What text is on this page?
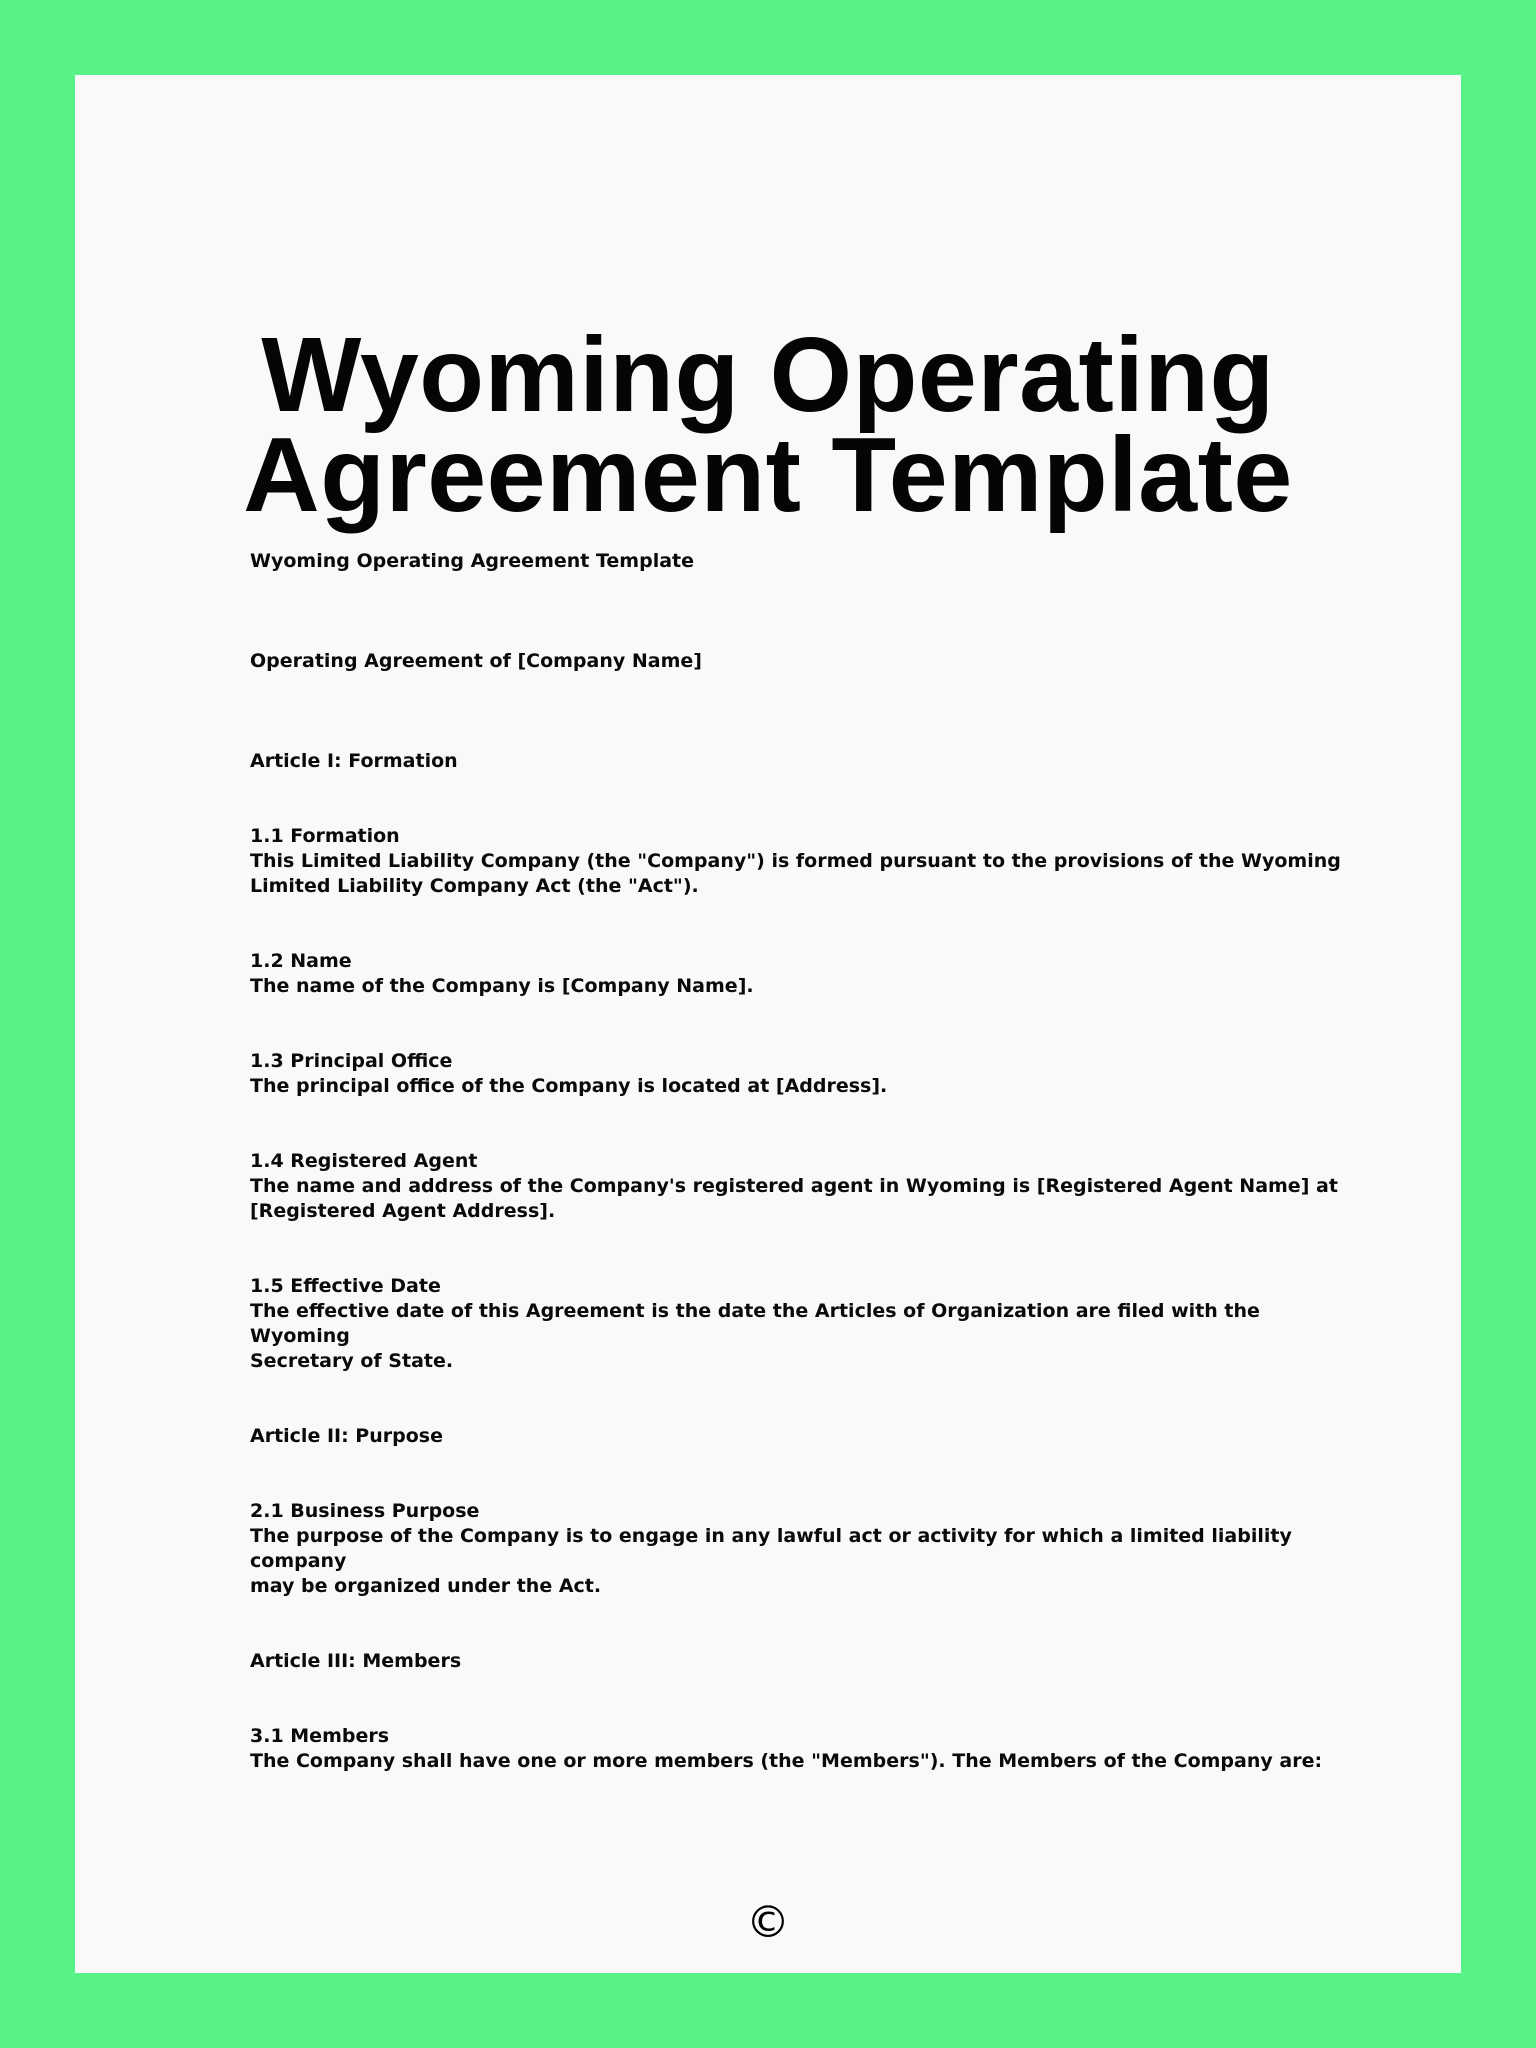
Wyoming Operating
Agreement Template

Wyoming Operating Agreement Template

Operating Agreement of [Company Name]

Article I: Formation

1.1 Formation
This Limited Liability Company (the "Company") is formed pursuant to the provisions of the Wyoming
Limited Liability Company Act (the "Act").
1.2 Name
The name of the Company is [Company Name].
1.3 Principal Office
The principal office of the Company is located at [Address].
1.4 Registered Agent
The name and address of the Company's registered agent in Wyoming is [Registered Agent Name] at
[Registered Agent Address].
1.5 Effective Date
The effective date of this Agreement is the date the Articles of Organization are filed with the Wyoming
Secretary of State.

Article II: Purpose

2.1 Business Purpose
The purpose of the Company is to engage in any lawful act or activity for which a limited liability company
may be organized under the Act.

Article III: Members

3.1 Members
The Company shall have one or more members (the "Members"). The Members of the Company are:
©
